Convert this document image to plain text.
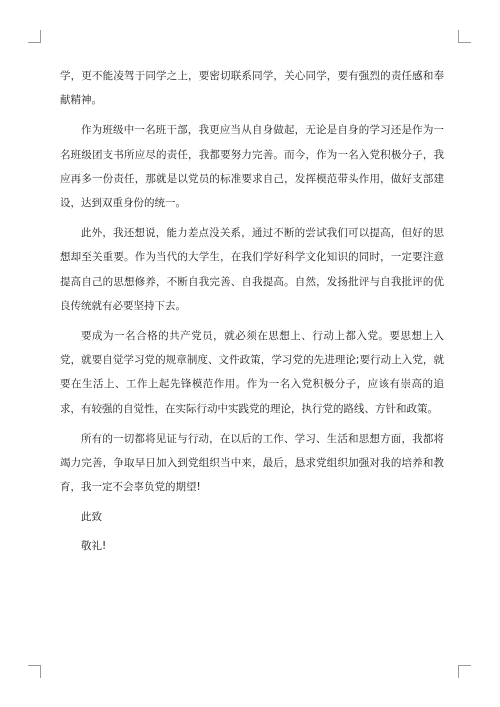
学，更不能凌驾于同学之上，要密切联系同学，关心同学，要有强烈的责任感和奉献精神。

作为班级中一名班干部，我更应当从自身做起，无论是自身的学习还是作为一名班级团支书所应尽的责任，我都要努力完善。而今，作为一名入党积极分子，我应再多一份责任，那就是以党员的标准要求自己，发挥模范带头作用，做好支部建设，达到双重身份的统一。

此外，我还想说，能力差点没关系，通过不断的尝试我们可以提高，但好的思想却至关重要。作为当代的大学生，在我们学好科学文化知识的同时，一定要注意提高自己的思想修养，不断自我完善、自我提高。自然，发扬批评与自我批评的优良传统就有必要坚持下去。

要成为一名合格的共产党员，就必须在思想上、行动上都入党。要思想上入党，就要自觉学习党的规章制度、文件政策，学习党的先进理论;要行动上入党，就要在生活上、工作上起先锋模范作用。作为一名入党积极分子，应该有崇高的追求，有较强的自觉性，在实际行动中实践党的理论，执行党的路线、方针和政策。

所有的一切都将见证与行动，在以后的工作、学习、生活和思想方面，我都将竭力完善，争取早日加入到党组织当中来，最后，恳求党组织加强对我的培养和教育，我一定不会辜负党的期望!

此致

敬礼!
